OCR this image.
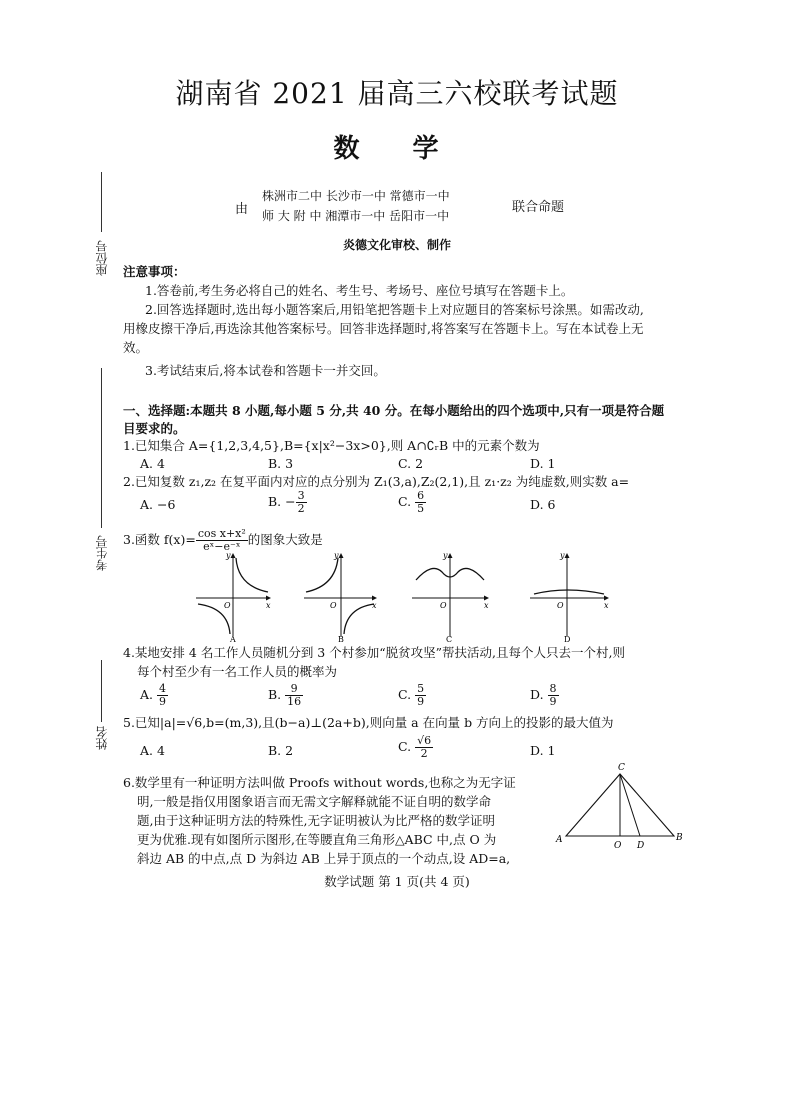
湖南省 2021 届高三六校联考试题
数 学
由
株洲市二中 长沙市一中 常德市一中
师 大 附 中 湘潭市一中 岳阳市一中
联合命题
炎德文化审校、制作
座位号
考生号
姓名
注意事项：
1.答卷前,考生务必将自己的姓名、考生号、考场号、座位号填写在答题卡上。
2.回答选择题时,选出每小题答案后,用铅笔把答题卡上对应题目的答案标号涂黑。如需改动,
用橡皮擦干净后,再选涂其他答案标号。回答非选择题时,将答案写在答题卡上。写在本试卷上无
效。
3.考试结束后,将本试卷和答题卡一并交回。
一、选择题:本题共 8 小题,每小题 5 分,共 40 分。在每小题给出的四个选项中,只有一项是符合题
目要求的。
1.已知集合 A={1,2,3,4,5},B={x|x²−3x>0},则 A∩∁ᵣB 中的元素个数为
A. 4	B. 3	C. 2	D. 1
2.已知复数 z₁,z₂ 在复平面内对应的点分别为 Z₁(3,a),Z₂(2,1),且 z₁·z₂ 为纯虚数,则实数 a=
A. −6	B. − $\frac{3}{2}$	C. $\frac{6}{5}$	D. 6
3.函数 $f(x)= \frac{\text{cos x+x²}}{\text{eˣ−e⁻ˣ}}$ 的图象大致是
x
y
O
A
x
y
O
B
x
y
O
C
x
y
O
D
4.某地安排 4 名工作人员随机分到 3 个村参加“脱贫攻坚”帮扶活动,且每个人只去一个村,则
每个村至少有一名工作人员的概率为
A. $\frac{4}{9}$	B. $\frac{9}{16}$	C. $\frac{5}{9}$	D. $\frac{8}{9}$
5.已知|a|=√6,b=(m,3),且(b−a)⊥(2a+b),则向量 a 在向量 b 方向上的投影的最大值为
A. 4	B. 2	C. $\frac{√6}{2}$	D. 1
6.数学里有一种证明方法叫做 Proofs without words,也称之为无字证
明,一般是指仅用图象语言而无需文字解释就能不证自明的数学命
题,由于这种证明方法的特殊性,无字证明被认为比严格的数学证明
更为优雅.现有如图所示图形,在等腰直角三角形△ABC 中,点 O 为
斜边 AB 的中点,点 D 为斜边 AB 上异于顶点的一个动点,设 AD=a,
A	B
C
O D
数学试题 第 1 页(共 4 页)
